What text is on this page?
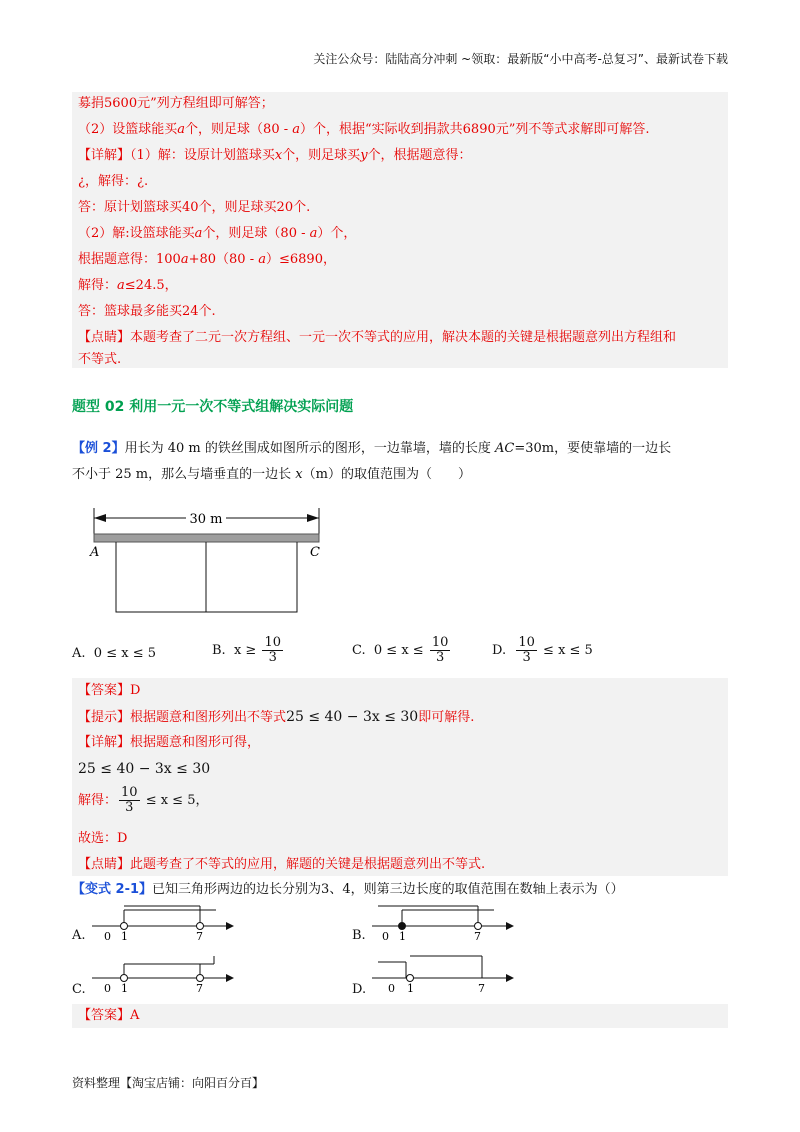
关注公众号：陆陆高分冲刺 ~领取：最新版“小中高考-总复习”、最新试卷下载
募捐5600元”列方程组即可解答；
（2）设篮球能买a个，则足球（80 - a）个，根据“实际收到捐款共6890元”列不等式求解即可解答.
【详解】（1）解：设原计划篮球买x个，则足球买y个，根据题意得：
¿，解得：¿.
答：原计划篮球买40个，则足球买20个.
（2）解:设篮球能买a个，则足球（80 - a）个，
根据题意得：100a+80（80 - a）≤6890，
解得：a≤24.5，
答：篮球最多能买24个.
【点睛】本题考查了二元一次方程组、一元一次不等式的应用，解决本题的关键是根据题意列出方程组和
不等式.
题型 02 利用一元一次不等式组解决实际问题
【例 2】用长为 40 m 的铁丝围成如图所示的图形，一边靠墙，墙的长度 AC=30m，要使靠墙的一边长
不小于 25 m，那么与墙垂直的一边长 x（m）的取值范围为（　　）
30 m
A	C
A. 0 ≤ x ≤ 5	B. $x \ge \frac{10}{3}$	C. $0 \le x \le \frac{10}{3}$	D. $\frac{10}{3} \le x \le 5$
【答案】D
【提示】根据题意和图形列出不等式25 ≤ 40 − 3x ≤ 30即可解得.
【详解】根据题意和图形可得，
25 ≤ 40 − 3x ≤ 30
解得： $\frac{10}{3} \le x \le 5$，
故选：D
【点睛】此题考查了不等式的应用，解题的关键是根据题意列出不等式.
【变式 2-1】已知三角形两边的边长分别为3、4，则第三边长度的取值范围在数轴上表示为（）
A. 0 1	7	B. 0 1	7
C. 0 1	7	D. 0 1	7
【答案】A
资料整理【淘宝店铺：向阳百分百】
